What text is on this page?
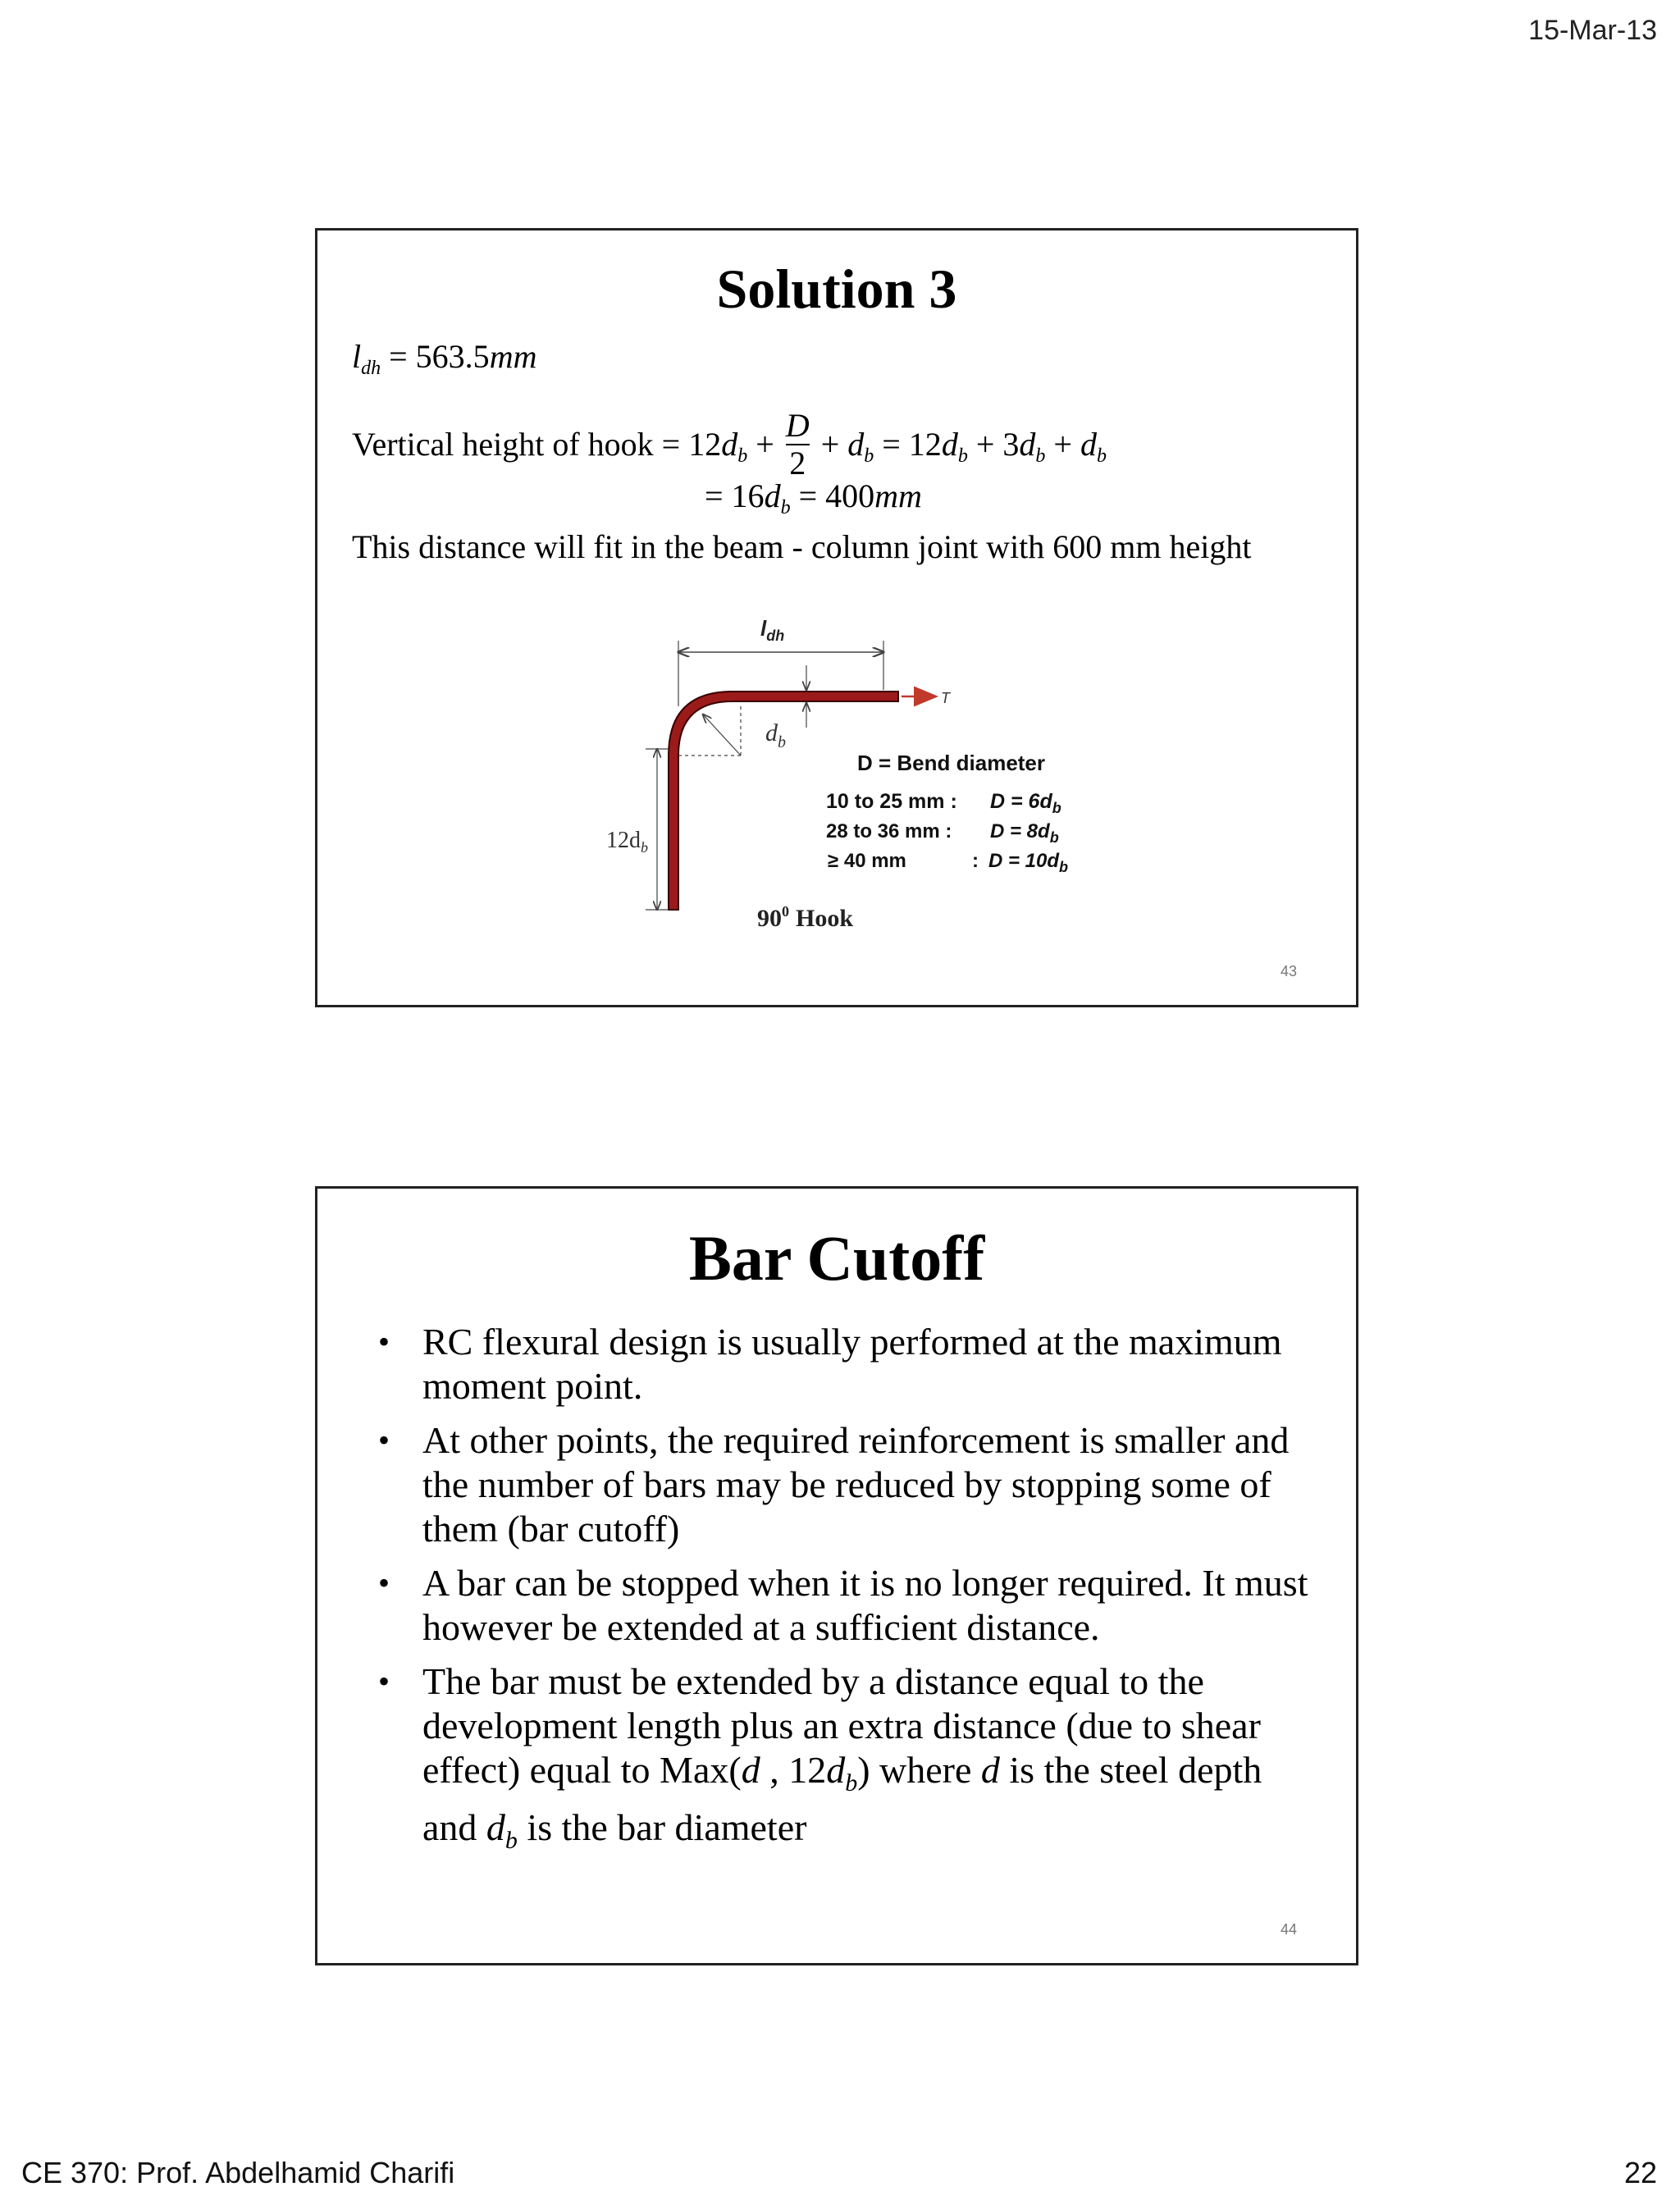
15-Mar-13
Solution 3
$l_{dh} = 563.5mm$
Vertical height of hook = $12d_b + \frac{D}{2} + d_b = 12d_b + 3d_b + d_b$
= $16d_b = 400mm$
This distance will fit in the beam - column joint with 600 mm height
$l_{dh}$
T
$d_b$
$12d_b$
D = Bend diameter
10 to 25 mm : $D = 6d_b$
28 to 36 mm : $D = 8d_b$
≥ 40 mm	: $D = 10d_b$
$90^0$ Hook
43
Bar Cutoff
• RC flexural design is usually performed at the maximum moment point.
• At other points, the required reinforcement is smaller and the number of bars may be reduced by stopping some of them (bar cutoff)
• A bar can be stopped when it is no longer required. It must however be extended at a sufficient distance.
• The bar must be extended by a distance equal to the development length plus an extra distance (due to shear effect) equal to Max(d , $12d_b$) where d is the steel depth and $d_b$ is the bar diameter
44
CE 370: Prof. Abdelhamid Charifi	22
